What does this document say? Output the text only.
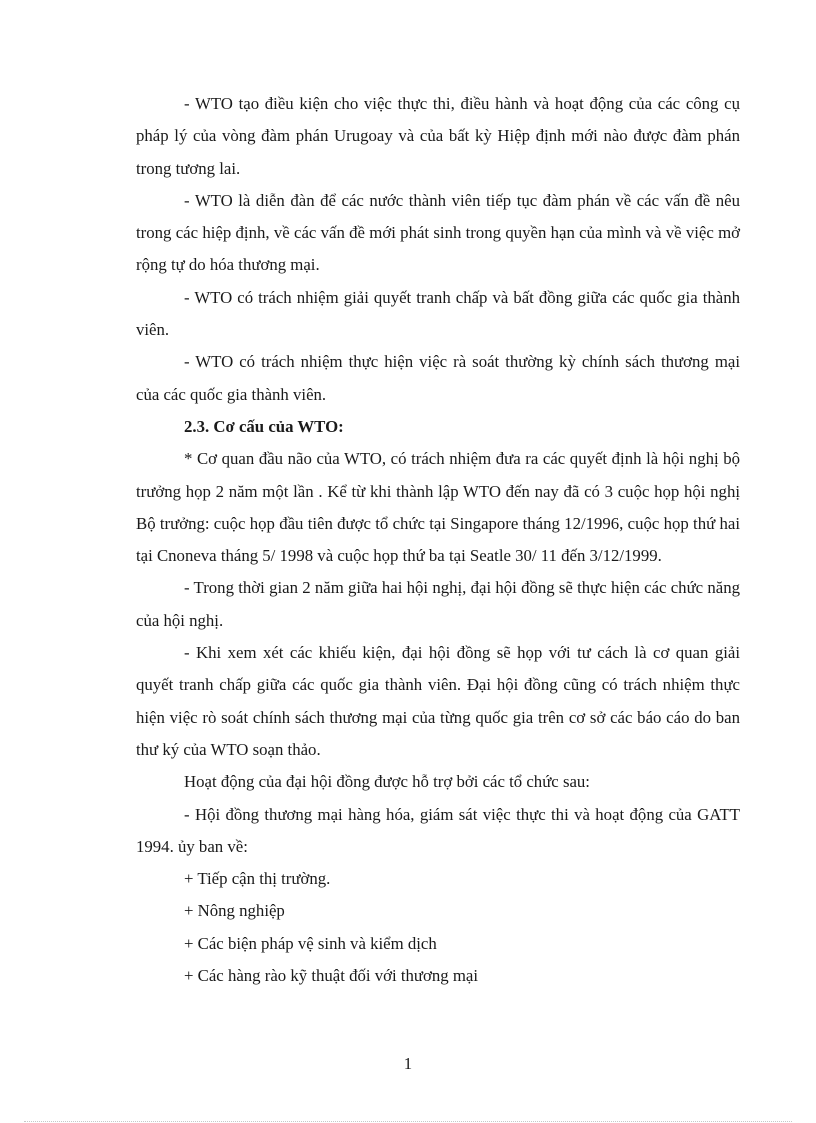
- WTO tạo điều kiện cho việc thực thi, điều hành và hoạt động của các công cụ pháp lý của vòng đàm phán Urugoay và của bất kỳ Hiệp định mới nào được đàm phán trong tương lai.

- WTO là diễn đàn để các nước thành viên tiếp tục đàm phán về các vấn đề nêu trong các hiệp định, về các vấn đề mới phát sinh trong quyền hạn của mình và về việc mở rộng tự do hóa thương mại.

- WTO có trách nhiệm giải quyết tranh chấp và bất đồng giữa các quốc gia thành viên.

- WTO có trách nhiệm thực hiện việc rà soát thường kỳ chính sách thương mại của các quốc gia thành viên.

2.3. Cơ cấu của WTO:

* Cơ quan đầu não của WTO, có trách nhiệm đưa ra các quyết định là hội nghị bộ trưởng họp 2 năm một lần . Kể từ khi thành lập WTO đến nay đã có 3 cuộc họp hội nghị Bộ trưởng: cuộc họp đầu tiên được tổ chức tại Singapore tháng 12/1996, cuộc họp thứ hai tại Cnoneva tháng 5/ 1998 và cuộc họp thứ ba tại Seatle 30/ 11 đến 3/12/1999.

- Trong thời gian 2 năm giữa hai hội nghị, đại hội đồng sẽ thực hiện các chức năng của hội nghị.

- Khi xem xét các khiếu kiện, đại hội đồng sẽ họp với tư cách là cơ quan giải quyết tranh chấp giữa các quốc gia thành viên. Đại hội đồng cũng có trách nhiệm thực hiện việc rò soát chính sách thương mại của từng quốc gia trên cơ sở các báo cáo do ban thư ký của WTO soạn thảo.

Hoạt động của đại hội đồng được hỗ trợ bởi các tổ chức sau:

- Hội đồng thương mại hàng hóa, giám sát việc thực thi và hoạt động của GATT 1994. ủy ban về:

+ Tiếp cận thị trường.

+ Nông nghiệp

+ Các biện pháp vệ sinh và kiểm dịch

+ Các hàng rào kỹ thuật đối với thương mại

1
